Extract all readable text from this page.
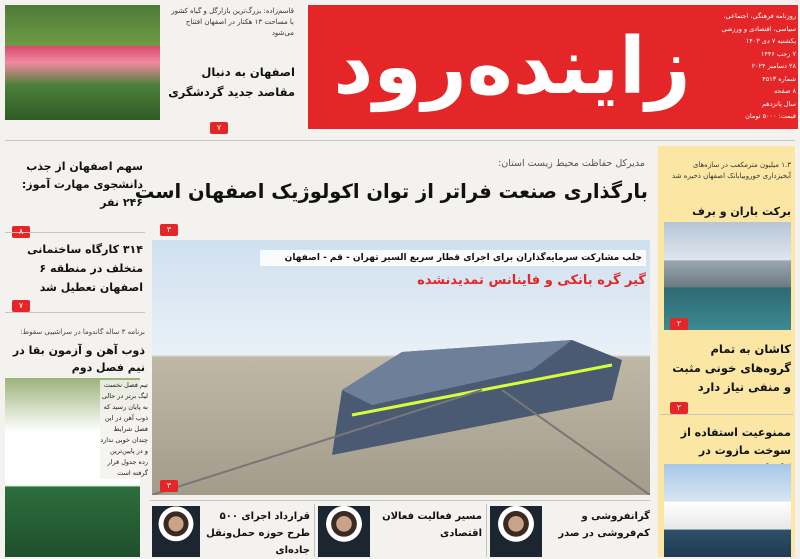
زاینده‌رود
روزنامه فرهنگی، اجتماعی،
سیاسی، اقتصادی و ورزشی
یکشنبه ۷ دی ۱۴۰۳
۷ رجب ۱۴۴۶
۲۸ دسامبر ۲۰۲۴
شماره ۴۵۱۳
۸ صفحه
سال پانزدهم
قیمت: ۵۰۰۰ تومان
قاسم‌زاده: بزرگ‌ترین بازارگل و گیاه کشور با مساحت ۱۳ هکتار در اصفهان افتتاح می‌شود
اصفهان به دنبال مقاصد جدید گردشگری
۷
مدیرکل حفاظت محیط زیست استان:
بارگذاری صنعت فراتر از توان اکولوژیک اصفهان است
۳
سهم اصفهان از جذب دانشجوی مهارت آموز: ۲۴۶ نفر
۳۱۴ کارگاه ساختمانی متخلف در منطقه ۶ اصفهان تعطیل شد
۷
برنامه ۳ ساله گاندوما در سراشیبی سقوط:
ذوب آهن و آزمون بقا در نیم فصل دوم
تیم فصل نخست لیگ برتر در حالی به پایان رسید که ذوب آهن در این فصل شرایط چندان خوبی ندارد و در پایین‌ترین رده جدول قرار گرفته است
جلب مشارکت سرمایه‌گذاران برای اجرای قطار سریع السیر تهران - قم - اصفهان
گیر گره بانکی و فاینانس تمدیدنشده
۳
۱.۳ میلیون مترمکعب در سازه‌های آبخیزداری خوروبیابانک اصفهان ذخیره شد
برکت باران و برف
۲
کاشان به تمام گروه‌های خونی مثبت و منفی نیاز دارد
۲
ممنوعیت استفاده از سوخت مازوت در
قرارداد اجرای ۵۰۰ طرح حوزه حمل‌ونقل جاده‌ای
مسیر فعالیت فعالان اقتصادی
گرانفروشی و کم‌فروشی در صدر
